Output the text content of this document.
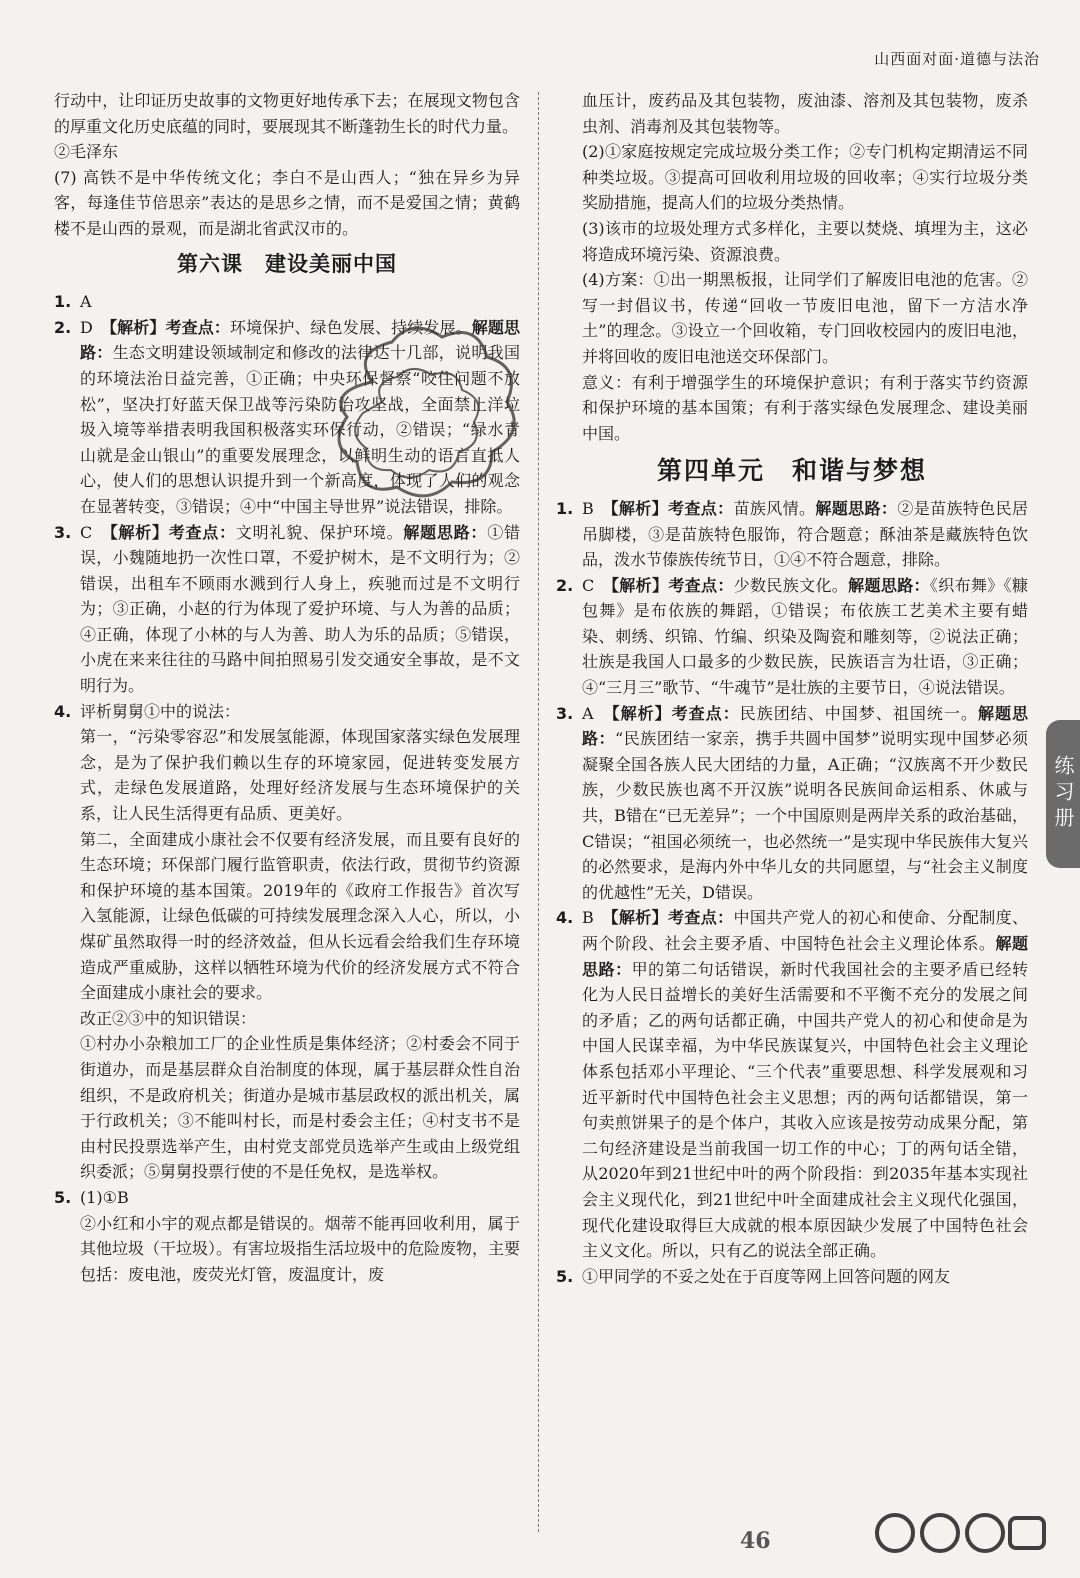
山西面对面·道德与法治

行动中，让印证历史故事的文物更好地传承下去；在展现文物包含的厚重文化历史底蕴的同时，要展现其不断蓬勃生长的时代力量。

②毛泽东

(7) 高铁不是中华传统文化；李白不是山西人；“独在异乡为异客，每逢佳节倍思亲”表达的是思乡之情，而不是爱国之情；黄鹤楼不是山西的景观，而是湖北省武汉市的。

第六课　建设美丽中国
1. A
2. D　【解析】考查点：环境保护、绿色发展、持续发展。解题思路：生态文明建设领域制定和修改的法律达十几部，说明我国的环境法治日益完善，①正确；中央环保督察“咬住问题不放松”，坚决打好蓝天保卫战等污染防治攻坚战，全面禁止洋垃圾入境等举措表明我国积极落实环保行动，②错误；“绿水青山就是金山银山”的重要发展理念，以鲜明生动的语言直抵人心，使人们的思想认识提升到一个新高度，体现了人们的观念在显著转变，③错误；④中“中国主导世界”说法错误，排除。
3. C　【解析】考查点：文明礼貌、保护环境。解题思路：①错误，小魏随地扔一次性口罩，不爱护树木，是不文明行为；②错误，出租车不顾雨水溅到行人身上，疾驰而过是不文明行为；③正确，小赵的行为体现了爱护环境、与人为善的品质；④正确，体现了小林的与人为善、助人为乐的品质；⑤错误，小虎在来来往往的马路中间拍照易引发交通安全事故，是不文明行为。
4. 评析舅舅①中的说法：

第一，“污染零容忍”和发展氢能源，体现国家落实绿色发展理念，是为了保护我们赖以生存的环境家园，促进转变发展方式，走绿色发展道路，处理好经济发展与生态环境保护的关系，让人民生活得更有品质、更美好。

第二，全面建成小康社会不仅要有经济发展，而且要有良好的生态环境；环保部门履行监管职责，依法行政，贯彻节约资源和保护环境的基本国策。2019年的《政府工作报告》首次写入氢能源，让绿色低碳的可持续发展理念深入人心，所以，小煤矿虽然取得一时的经济效益，但从长远看会给我们生存环境造成严重威胁，这样以牺牲环境为代价的经济发展方式不符合全面建成小康社会的要求。

改正②③中的知识错误：

①村办小杂粮加工厂的企业性质是集体经济；②村委会不同于街道办，而是基层群众自治制度的体现，属于基层群众性自治组织，不是政府机关；街道办是城市基层政权的派出机关，属于行政机关；③不能叫村长，而是村委会主任；④村支书不是由村民投票选举产生，由村党支部党员选举产生或由上级党组织委派；⑤舅舅投票行使的不是任免权，是选举权。

5. (1)①B

②小红和小宇的观点都是错误的。烟蒂不能再回收利用，属于其他垃圾（干垃圾）。有害垃圾指生活垃圾中的危险废物，主要包括：废电池，废荧光灯管，废温度计，废

血压计，废药品及其包装物，废油漆、溶剂及其包装物，废杀虫剂、消毒剂及其包装物等。

(2)①家庭按规定完成垃圾分类工作；②专门机构定期清运不同种类垃圾。③提高可回收利用垃圾的回收率；④实行垃圾分类奖励措施，提高人们的垃圾分类热情。

(3)该市的垃圾处理方式多样化，主要以焚烧、填埋为主，这必将造成环境污染、资源浪费。

(4)方案：①出一期黑板报，让同学们了解废旧电池的危害。②写一封倡议书，传递“回收一节废旧电池，留下一方洁水净土”的理念。③设立一个回收箱，专门回收校园内的废旧电池，并将回收的废旧电池送交环保部门。

意义：有利于增强学生的环境保护意识；有利于落实节约资源和保护环境的基本国策；有利于落实绿色发展理念、建设美丽中国。

第四单元　和谐与梦想
1. B　【解析】考查点：苗族风情。解题思路：②是苗族特色民居吊脚楼，③是苗族特色服饰，符合题意；酥油茶是藏族特色饮品，泼水节傣族传统节日，①④不符合题意，排除。
2. C　【解析】考查点：少数民族文化。解题思路：《织布舞》《糠包舞》是布依族的舞蹈，①错误；布依族工艺美术主要有蜡染、刺绣、织锦、竹编、织染及陶瓷和雕刻等，②说法正确；壮族是我国人口最多的少数民族，民族语言为壮语，③正确；④“三月三”歌节、“牛魂节”是壮族的主要节日，④说法错误。
3. A　【解析】考查点：民族团结、中国梦、祖国统一。解题思路：“民族团结一家亲，携手共圆中国梦”说明实现中国梦必须凝聚全国各族人民大团结的力量，A正确；“汉族离不开少数民族，少数民族也离不开汉族”说明各民族间命运相系、休戚与共，B错在“已无差异”；一个中国原则是两岸关系的政治基础，C错误；“祖国必须统一，也必然统一”是实现中华民族伟大复兴的必然要求，是海内外中华儿女的共同愿望，与“社会主义制度的优越性”无关，D错误。
4. B　【解析】考查点：中国共产党人的初心和使命、分配制度、两个阶段、社会主要矛盾、中国特色社会主义理论体系。解题思路：甲的第二句话错误，新时代我国社会的主要矛盾已经转化为人民日益增长的美好生活需要和不平衡不充分的发展之间的矛盾；乙的两句话都正确，中国共产党人的初心和使命是为中国人民谋幸福，为中华民族谋复兴，中国特色社会主义理论体系包括邓小平理论、“三个代表”重要思想、科学发展观和习近平新时代中国特色社会主义思想；丙的两句话都错误，第一句卖煎饼果子的是个体户，其收入应该是按劳动成果分配，第二句经济建设是当前我国一切工作的中心；丁的两句话全错，从2020年到21世纪中叶的两个阶段指：到2035年基本实现社会主义现代化，到21世纪中叶全面建成社会主义现代化强国，现代化建设取得巨大成就的根本原因缺少发展了中国特色社会主义文化。所以，只有乙的说法全部正确。
5. ①甲同学的不妥之处在于百度等网上回答问题的网友
练习册
46
